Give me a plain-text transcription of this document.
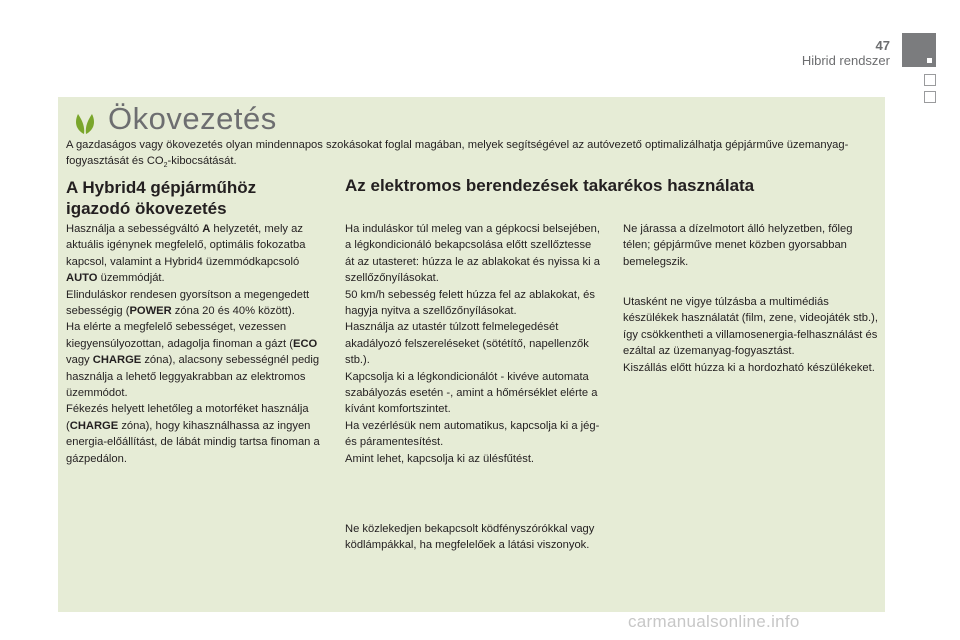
47
Hibrid rendszer
Ökovezetés
A gazdaságos vagy ökovezetés olyan mindennapos szokásokat foglal magában, melyek segítségével az autóvezető optimalizálhatja gépjárműve üzemanyag-fogyasztását és $CO_2$-kibocsátását.
A Hybrid4 gépjárműhöz
igazodó ökovezetés
Az elektromos berendezések takarékos használata

Használja a sebességváltó A helyzetét, mely az aktuális igénynek megfelelő, optimális fokozatba kapcsol, valamint a Hybrid4 üzemmódkapcsoló AUTO üzemmódját.

Elinduláskor rendesen gyorsítson a megengedett sebességig (POWER zóna 20 és 40% között).

Ha elérte a megfelelő sebességet, vezessen kiegyensúlyozottan, adagolja finoman a gázt (ECO vagy CHARGE zóna), alacsony sebességnél pedig használja a lehető leggyakrabban az elektromos üzemmódot.

Fékezés helyett lehetőleg a motorféket használja (CHARGE zóna), hogy kihasználhassa az ingyen energia-előállítást, de lábát mindig tartsa finoman a gázpedálon.

Ha induláskor túl meleg van a gépkocsi belsejében, a légkondicionáló bekapcsolása előtt szellőztesse át az utasteret: húzza le az ablakokat és nyissa ki a szellőzőnyílásokat.

50 km/h sebesség felett húzza fel az ablakokat, és hagyja nyitva a szellőzőnyílásokat.

Használja az utastér túlzott felmelegedését akadályozó felszereléseket (sötétítő, napellenzők stb.).

Kapcsolja ki a légkondicionálót - kivéve automata szabályozás esetén -, amint a hőmérséklet elérte a kívánt komfortszintet.

Ha vezérlésük nem automatikus, kapcsolja ki a jég- és páramentesítést.

Amint lehet, kapcsolja ki az ülésfűtést.

Ne közlekedjen bekapcsolt ködfényszórókkal vagy ködlámpákkal, ha megfelelőek a látási viszonyok.

Ne járassa a dízelmotort álló helyzetben, főleg télen; gépjárműve menet közben gyorsabban bemelegszik.

Utasként ne vigye túlzásba a multimédiás készülékek használatát (film, zene, videojáték stb.), így csökkentheti a villamosenergia-felhasználást és ezáltal az üzemanyag-fogyasztást.

Kiszállás előtt húzza ki a hordozható készülékeket.

carmanualsonline.info
